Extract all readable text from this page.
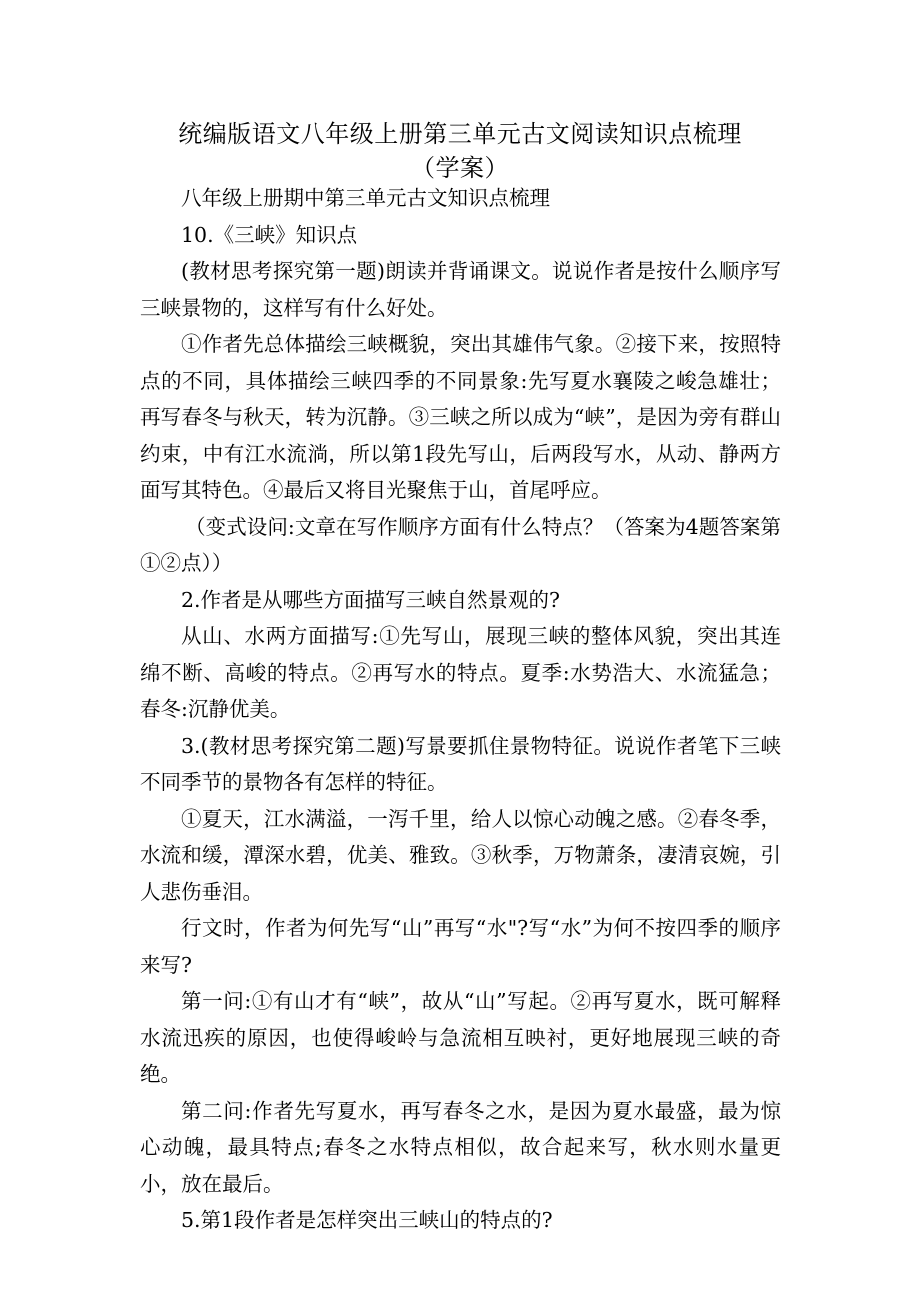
统编版语文八年级上册第三单元古文阅读知识点梳理
（学案）

八年级上册期中第三单元古文知识点梳理

10.《三峡》知识点

(教材思考探究第一题)朗读并背诵课文。说说作者是按什么顺序写三峡景物的，这样写有什么好处。

①作者先总体描绘三峡概貌，突出其雄伟气象。②接下来，按照特点的不同，具体描绘三峡四季的不同景象:先写夏水襄陵之峻急雄壮；再写春冬与秋天，转为沉静。③三峡之所以成为“峡”，是因为旁有群山约束，中有江水流淌，所以第1段先写山，后两段写水，从动、静两方面写其特色。④最后又将目光聚焦于山，首尾呼应。

（变式设问:文章在写作顺序方面有什么特点？（答案为4题答案第①②点））

2.作者是从哪些方面描写三峡自然景观的?

从山、水两方面描写:①先写山，展现三峡的整体风貌，突出其连绵不断、高峻的特点。②再写水的特点。夏季:水势浩大、水流猛急；春冬:沉静优美。

3.(教材思考探究第二题)写景要抓住景物特征。说说作者笔下三峡不同季节的景物各有怎样的特征。

①夏天，江水满溢，一泻千里，给人以惊心动魄之感。②春冬季，水流和缓，潭深水碧，优美、雅致。③秋季，万物萧条，凄清哀婉，引人悲伤垂泪。

行文时，作者为何先写“山”再写“水"?写“水”为何不按四季的顺序来写?

第一问:①有山才有“峡”，故从“山”写起。②再写夏水，既可解释水流迅疾的原因，也使得峻岭与急流相互映衬，更好地展现三峡的奇绝。

第二问:作者先写夏水，再写春冬之水，是因为夏水最盛，最为惊心动魄，最具特点;春冬之水特点相似，故合起来写，秋水则水量更小，放在最后。

5.第1段作者是怎样突出三峡山的特点的?
